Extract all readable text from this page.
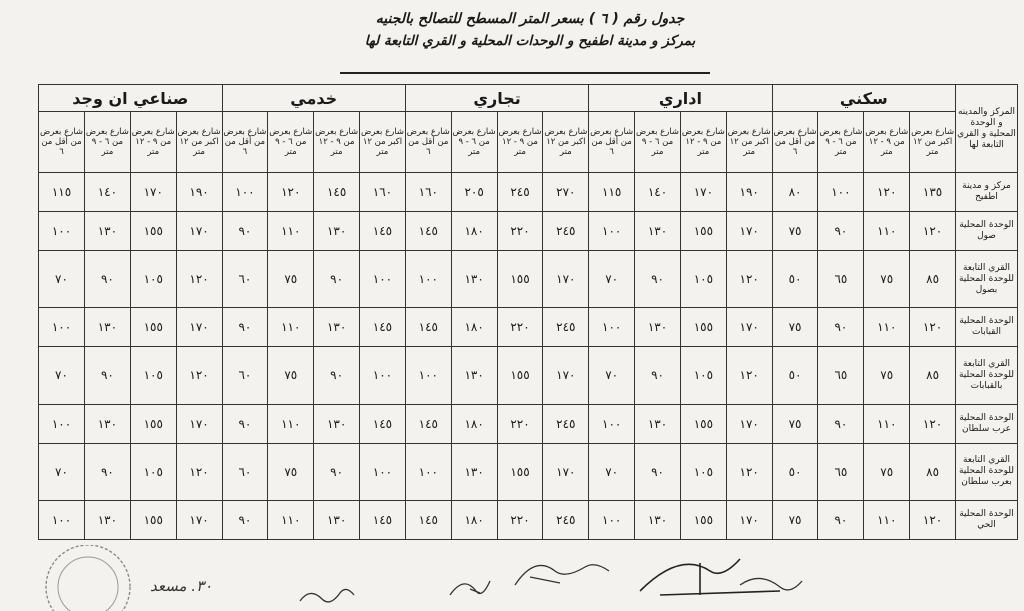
جدول رقم ( ٦ ) بسعر المتر المسطح للتصالح بالجنيه
بمركز و مدينة اطفيح و الوحدات المحلية و القري التابعة لها
المركز والمدينه و الوحدة المحلية و القري التابعة لها	سكني				اداري				تجاري				خدمي				صناعي ان وجد			
	شارع بعرض اكبر من ١٢ متر	شارع بعرض من ٩ - ١٢ متر	شارع بعرض من ٦ - ٩ متر	شارع بعرض من أقل من ٦	شارع بعرض اكبر من ١٢ متر	شارع بعرض من ٩ - ١٢ متر	شارع بعرض من ٦ - ٩ متر	شارع بعرض من أقل من ٦	شارع بعرض اكبر من ١٢ متر	شارع بعرض من ٩ - ١٢ متر	شارع بعرض من ٦ - ٩ متر	شارع بعرض من أقل من ٦	شارع بعرض اكبر من ١٢ متر	شارع بعرض من ٩ - ١٢ متر	شارع بعرض من ٦ - ٩ متر	شارع بعرض من أقل من ٦	شارع بعرض اكبر من ١٢ متر	شارع بعرض من ٩ - ١٢ متر	شارع بعرض من ٦ - ٩ متر	شارع بعرض من أقل من ٦
مركز و مدينة اطفيح	١٣٥	١٢٠	١٠٠	٨٠	١٩٠	١٧٠	١٤٠	١١٥	٢٧٠	٢٤٥	٢٠٥	١٦٠	١٦٠	١٤٥	١٢٠	١٠٠	١٩٠	١٧٠	١٤٠	١١٥
الوحدة المحلية صول	١٢٠	١١٠	٩٠	٧٥	١٧٠	١٥٥	١٣٠	١٠٠	٢٤٥	٢٢٠	١٨٠	١٤٥	١٤٥	١٣٠	١١٠	٩٠	١٧٠	١٥٥	١٣٠	١٠٠
القري التابعة للوحدة المحلية بصول	٨٥	٧٥	٦٥	٥٠	١٢٠	١٠٥	٩٠	٧٠	١٧٠	١٥٥	١٣٠	١٠٠	١٠٠	٩٠	٧٥	٦٠	١٢٠	١٠٥	٩٠	٧٠
الوحدة المحلية القبابات	١٢٠	١١٠	٩٠	٧٥	١٧٠	١٥٥	١٣٠	١٠٠	٢٤٥	٢٢٠	١٨٠	١٤٥	١٤٥	١٣٠	١١٠	٩٠	١٧٠	١٥٥	١٣٠	١٠٠
القري التابعة للوحدة المحلية بالقبابات	٨٥	٧٥	٦٥	٥٠	١٢٠	١٠٥	٩٠	٧٠	١٧٠	١٥٥	١٣٠	١٠٠	١٠٠	٩٠	٧٥	٦٠	١٢٠	١٠٥	٩٠	٧٠
الوحدة المحلية عرب سلطان	١٢٠	١١٠	٩٠	٧٥	١٧٠	١٥٥	١٣٠	١٠٠	٢٤٥	٢٢٠	١٨٠	١٤٥	١٤٥	١٣٠	١١٠	٩٠	١٧٠	١٥٥	١٣٠	١٠٠
القري التابعة للوحدة المحلية بعرب سلطان	٨٥	٧٥	٦٥	٥٠	١٢٠	١٠٥	٩٠	٧٠	١٧٠	١٥٥	١٣٠	١٠٠	١٠٠	٩٠	٧٥	٦٠	١٢٠	١٠٥	٩٠	٧٠
الوحدة المحلية الحي	١٢٠	١١٠	٩٠	٧٥	١٧٠	١٥٥	١٣٠	١٠٠	٢٤٥	٢٢٠	١٨٠	١٤٥	١٤٥	١٣٠	١١٠	٩٠	١٧٠	١٥٥	١٣٠	١٠٠
٣٠. مسعد
